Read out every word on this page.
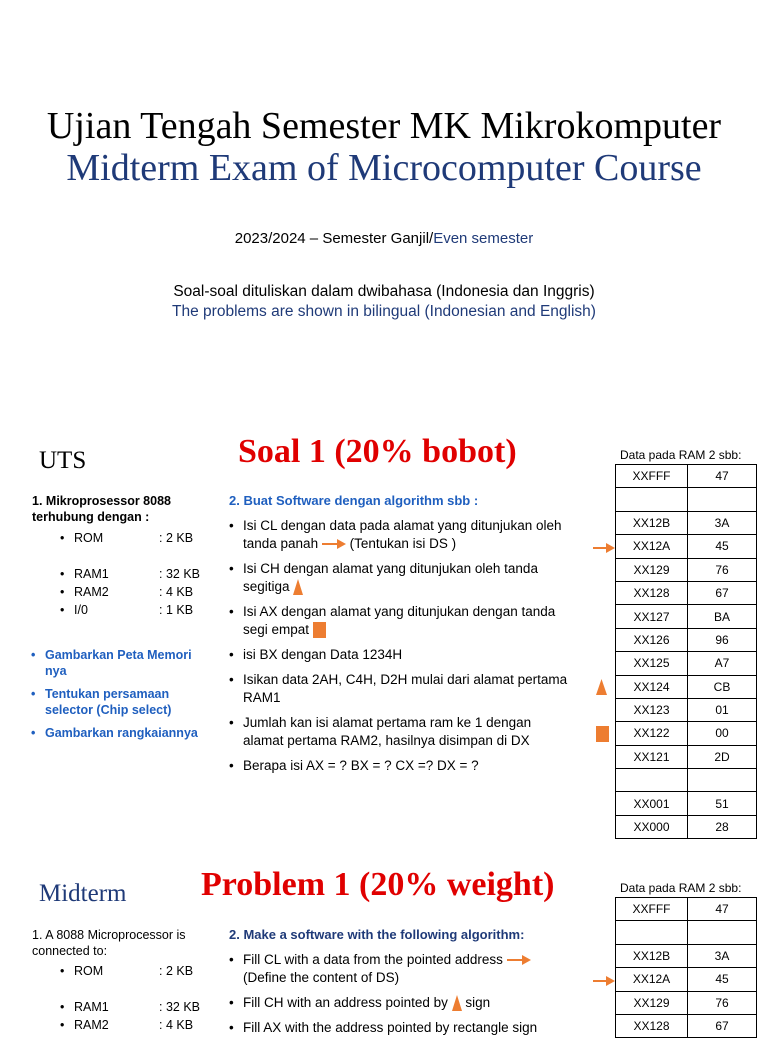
Ujian Tengah Semester MK Mikrokomputer
Midterm Exam of Microcomputer Course
2023/2024 – Semester Ganjil/Even semester
Soal-soal dituliskan dalam dwibahasa (Indonesia dan Inggris)
The problems are shown in bilingual (Indonesian and English)
UTS	Soal 1 (20% bobot)
1. Mikroprosessor 8088 terhubung dengan :
• ROM	: 2 KB
• RAM1	: 32 KB
• RAM2	: 4 KB
• I/0	: 1 KB
• Gambarkan Peta Memori nya
• Tentukan persamaan selector (Chip select)
• Gambarkan rangkaiannya
2. Buat Software dengan algorithm sbb :
• Isi CL dengan data pada alamat yang ditunjukan oleh tanda panah (Tentukan isi DS )
• Isi CH dengan alamat yang ditunjukan oleh tanda segitiga
• Isi AX dengan alamat yang ditunjukan dengan tanda segi empat
• isi BX dengan Data 1234H
• Isikan data 2AH, C4H, D2H mulai dari alamat pertama RAM1
• Jumlah kan isi alamat pertama ram ke 1 dengan alamat pertama RAM2, hasilnya disimpan di DX
• Berapa isi AX = ? BX = ? CX =? DX = ?
Data pada RAM 2 sbb:
XXFFF	47

XX12B	3A
XX12A	45
XX129	76
XX128	67
XX127	BA
XX126	96
XX125	A7
XX124	CB
XX123	01
XX122	00
XX121	2D

XX001	51
XX000	28
Midterm Problem 1 (20% weight)
1. A 8088 Microprocessor is connected to:
• ROM	: 2 KB
• RAM1	: 32 KB
• RAM2	: 4 KB
2. Make a software with the following algorithm:
• Fill CL with a data from the pointed address
(Define the content of DS)
• Fill CH with an address pointed by sign
• Fill AX with the address pointed by rectangle sign
Data pada RAM 2 sbb:
XXFFF	47

XX12B	3A
XX12A	45
XX129	76
XX128	67
